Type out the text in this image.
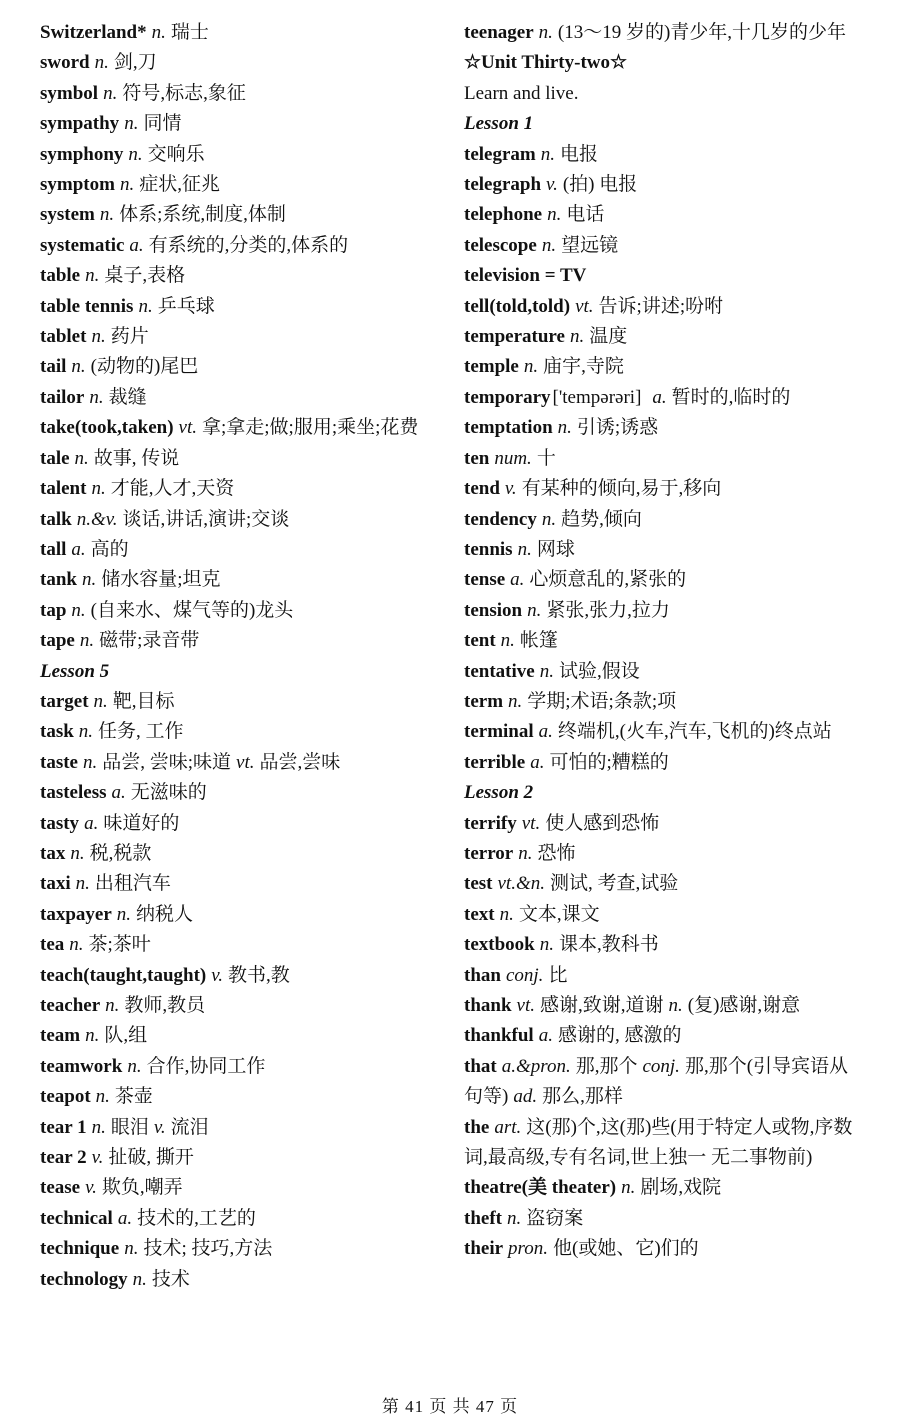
Switzerland* n. 瑞士

sword n. 剑,刀

symbol n. 符号,标志,象征

sympathy n. 同情

symphony n. 交响乐

symptom n. 症状,征兆

system n. 体系;系统,制度,体制

systematic a. 有系统的,分类的,体系的

table n. 桌子,表格

table tennis n. 乒乓球

tablet n. 药片

tail n. (动物的)尾巴

tailor n. 裁缝

take(took,taken) vt. 拿;拿走;做;服用;乘坐;花费

tale n. 故事, 传说

talent n. 才能,人才,天资

talk n.&v. 谈话,讲话,演讲;交谈

tall a. 高的

tank n. 储水容量;坦克

tap n. (自来水、煤气等的)龙头

tape n. 磁带;录音带

Lesson 5

target n. 靶,目标

task n. 任务, 工作

taste n. 品尝, 尝味;味道 vt. 品尝,尝味

tasteless a. 无滋味的

tasty a. 味道好的

tax n. 税,税款

taxi n. 出租汽车

taxpayer n. 纳税人

tea n. 茶;茶叶

teach(taught,taught) v. 教书,教

teacher n. 教师,教员

team n. 队,组

teamwork n. 合作,协同工作

teapot n. 茶壶

tear 1 n. 眼泪 v. 流泪

tear 2 v. 扯破, 撕开

tease v. 欺负,嘲弄

technical a. 技术的,工艺的

technique n. 技术; 技巧,方法

technology n. 技术

teenager n. (13～19 岁的)青少年,十几岁的少年

☆Unit Thirty-two☆

Learn and live.

Lesson 1

telegram n. 电报

telegraph v. (拍) 电报

telephone n. 电话

telescope n. 望远镜

television = TV

tell(told,told) vt. 告诉;讲述;吩咐

temperature n. 温度

temple n. 庙宇,寺院

temporary ['tempərəri] a. 暂时的,临时的

temptation n. 引诱;诱惑

ten num. 十

tend v. 有某种的倾向,易于,移向

tendency n. 趋势,倾向

tennis n. 网球

tense a. 心烦意乱的,紧张的

tension n. 紧张,张力,拉力

tent n. 帐篷

tentative n. 试验,假设

term n. 学期;术语;条款;项

terminal a. 终端机,(火车,汽车,飞机的)终点站

terrible a. 可怕的;糟糕的

Lesson 2

terrify vt. 使人感到恐怖

terror n. 恐怖

test vt.&n. 测试, 考查,试验

text n. 文本,课文

textbook n. 课本,教科书

than conj. 比

thank vt. 感谢,致谢,道谢 n. (复)感谢,谢意

thankful a. 感谢的, 感激的

that a.&pron. 那,那个 conj. 那,那个(引导宾语从句等) ad. 那么,那样

the art. 这(那)个,这(那)些(用于特定人或物,序数词,最高级,专有名词,世上独一 无二事物前)

theatre(美 theater) n. 剧场,戏院

theft n. 盗窃案

their pron. 他(或她、它)们的

第 41 页 共 47 页
